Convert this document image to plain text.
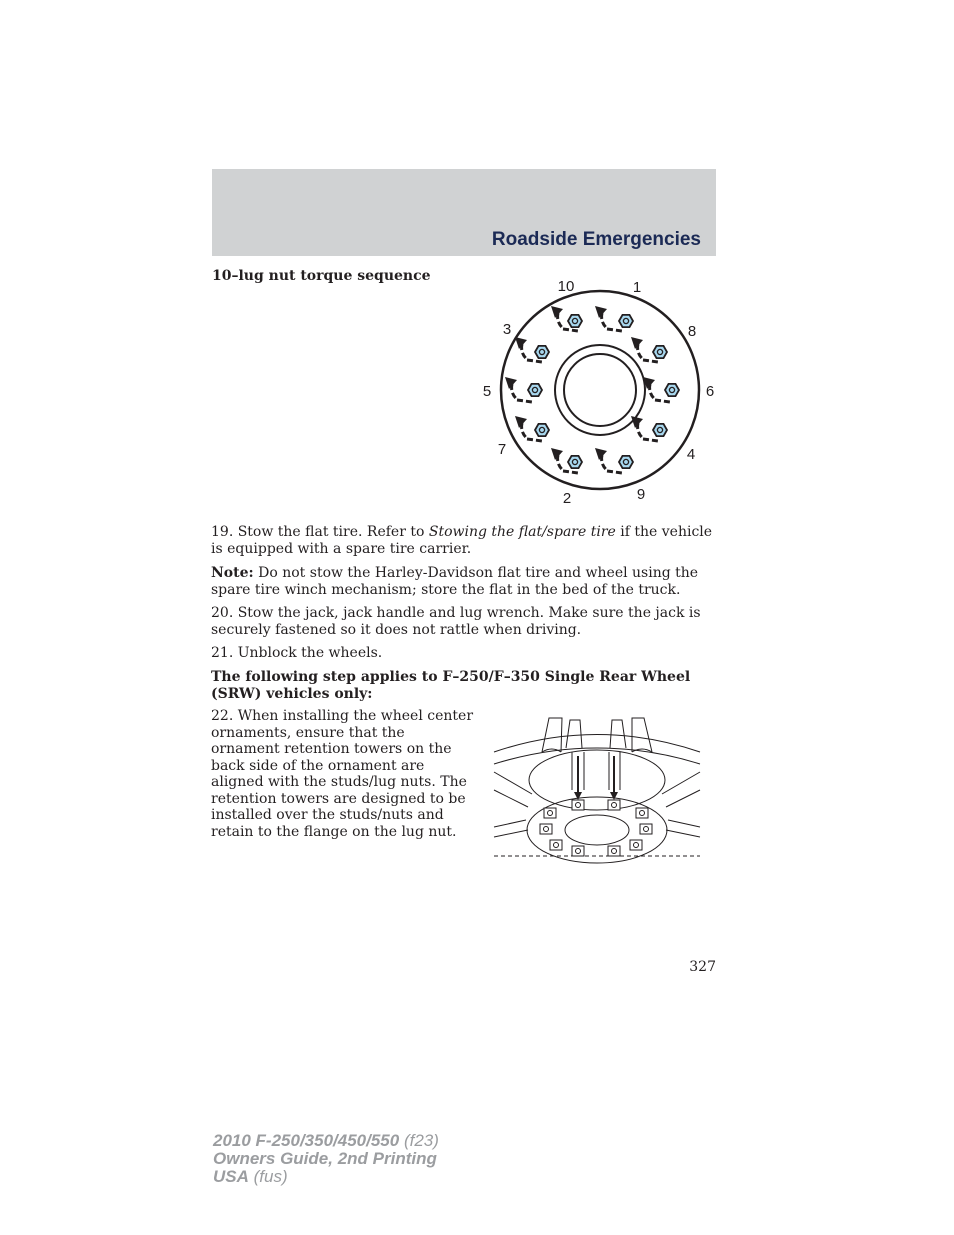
Roadside Emergencies

10–lug nut torque sequence

10	1
3	8
5	6
7	4
2	9

19. Stow the flat tire. Refer to Stowing the flat/spare tire if the vehicle is equipped with a spare tire carrier.

Note: Do not stow the Harley-Davidson flat tire and wheel using the spare tire winch mechanism; store the flat in the bed of the truck.

20. Stow the jack, jack handle and lug wrench. Make sure the jack is securely fastened so it does not rattle when driving.

21. Unblock the wheels.

The following step applies to F–250/F–350 Single Rear Wheel (SRW) vehicles only:

22. When installing the wheel center ornaments, ensure that the ornament retention towers on the back side of the ornament are aligned with the studs/lug nuts. The retention towers are designed to be installed over the studs/nuts and retain to the flange on the lug nut.

327

2010 F-250/350/450/550 (f23)
Owners Guide, 2nd Printing
USA (fus)
